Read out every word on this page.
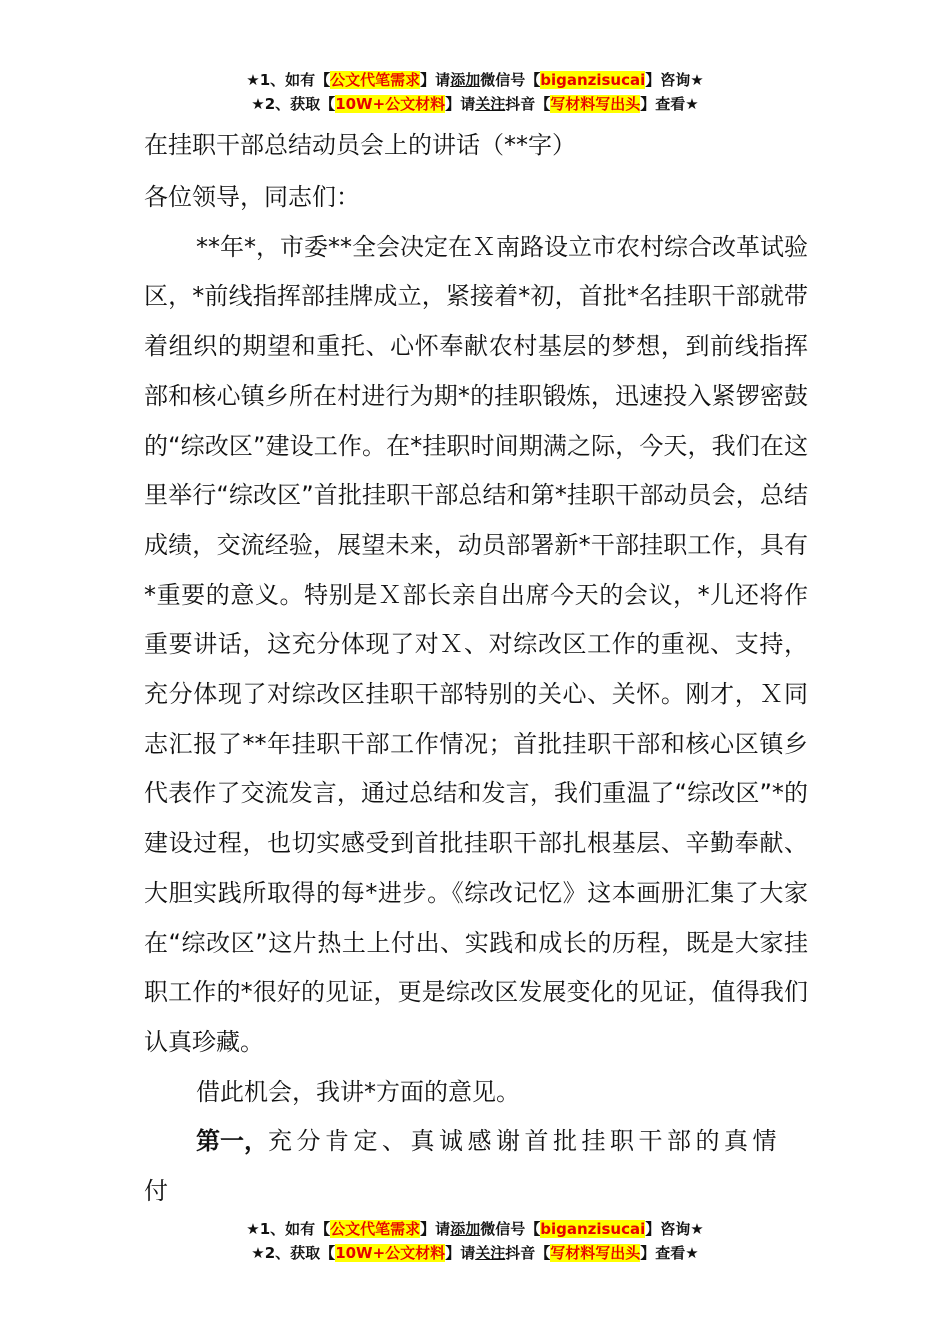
★1、如有【公文代笔需求】请添加微信号【biganzisucai】咨询★
★2、获取【10W+公文材料】请关注抖音【写材料写出头】查看★

在挂职干部总结动员会上的讲话（**字）

各位领导，同志们：

**年*，市委**全会决定在Ｘ南路设立市农村综合改革试验区，*前线指挥部挂牌成立，紧接着*初，首批*名挂职干部就带着组织的期望和重托、心怀奉献农村基层的梦想，到前线指挥部和核心镇乡所在村进行为期*的挂职锻炼，迅速投入紧锣密鼓的“综改区”建设工作。在*挂职时间期满之际，今天，我们在这里举行“综改区”首批挂职干部总结和第*挂职干部动员会，总结成绩，交流经验，展望未来，动员部署新*干部挂职工作，具有*重要的意义。特别是Ｘ部长亲自出席今天的会议，*儿还将作重要讲话，这充分体现了对Ｘ、对综改区工作的重视、支持，充分体现了对综改区挂职干部特别的关心、关怀。刚才，Ｘ同志汇报了**年挂职干部工作情况；首批挂职干部和核心区镇乡代表作了交流发言，通过总结和发言，我们重温了“综改区”*的建设过程，也切实感受到首批挂职干部扎根基层、辛勤奉献、大胆实践所取得的每*进步。《综改记忆》这本画册汇集了大家在“综改区”这片热土上付出、实践和成长的历程，既是大家挂职工作的*很好的见证，更是综改区发展变化的见证，值得我们认真珍藏。

借此机会，我讲*方面的意见。

第一，充分肯定、真诚感谢首批挂职干部的真情付

★1、如有【公文代笔需求】请添加微信号【biganzisucai】咨询★
★2、获取【10W+公文材料】请关注抖音【写材料写出头】查看★
